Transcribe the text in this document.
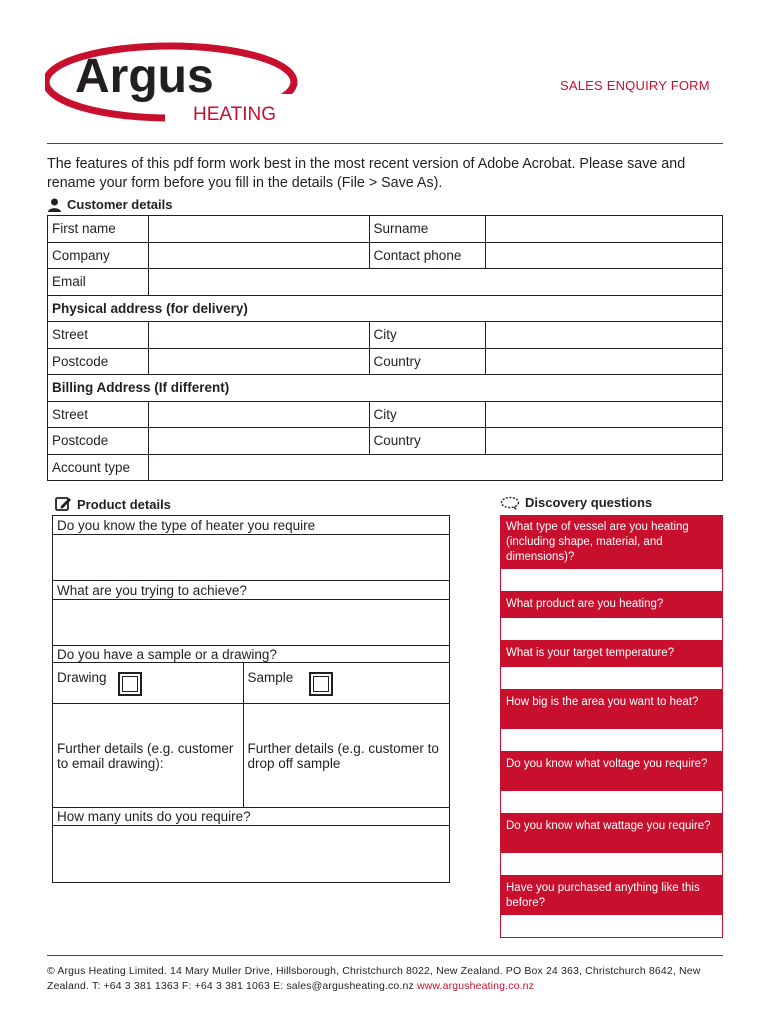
Argus
HEATING
SALES ENQUIRY FORM
The features of this pdf form work best in the most recent version of Adobe Acrobat. Please save and rename your form before you fill in the details (File > Save As).
Customer details
First name		Surname	
Company		Contact phone	
Email			
Physical address (for delivery)			
Street		City	
Postcode		Country	
Billing Address (If different)			
Street		City	
Postcode		Country	
Account type			
Product details
Do you know the type of heater you require	

What are you trying to achieve?	

Do you have a sample or a drawing?	
Drawing	Sample
Further details (e.g. customer to email drawing):	Further details (e.g. customer to drop off sample
How many units do you require?	

Discovery questions
What type of vessel are you heating (including shape, material, and dimensions)?
What product are you heating?
What is your target temperature?
How big is the area you want to heat?
Do you know what voltage you require?
Do you know what wattage you require?
Have you purchased anything like this before?
© Argus Heating Limited. 14 Mary Muller Drive, Hillsborough, Christchurch 8022, New Zealand. PO Box 24 363, Christchurch 8642, New Zealand. T: +64 3 381 1363 F: +64 3 381 1063 E: sales@argusheating.co.nz www.argusheating.co.nz
